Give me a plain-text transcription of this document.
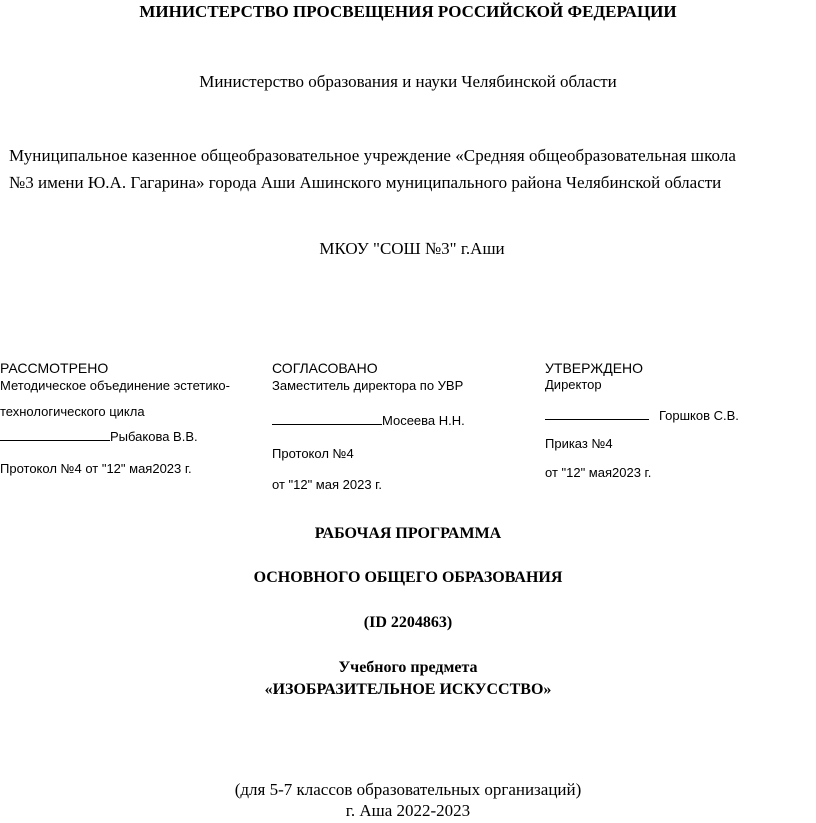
МИНИСТЕРСТВО ПРОСВЕЩЕНИЯ РОССИЙСКОЙ ФЕДЕРАЦИИ
Министерство образования и науки Челябинской области
Муниципальное казенное общеобразовательное учреждение «Средняя общеобразовательная школа
№3 имени Ю.А. Гагарина» города Аши Ашинского муниципального района Челябинской области
МКОУ "СОШ №3" г.Аши
РАССМОТРЕНО
Методическое объединение эстетико-
технологического цикла
Рыбакова В.В.
Протокол №4 от "12" мая2023 г.
СОГЛАСОВАНО
Заместитель директора по УВР
Мосеева Н.Н.
Протокол №4
от "12" мая 2023 г.
УТВЕРЖДЕНО
Директор
Горшков С.В.
Приказ №4
от "12" мая2023 г.
РАБОЧАЯ ПРОГРАММА
ОСНОВНОГО ОБЩЕГО ОБРАЗОВАНИЯ
(ID 2204863)
Учебного предмета
«ИЗОБРАЗИТЕЛЬНОЕ ИСКУССТВО»
(для 5-7 классов образовательных организаций)
г. Аша 2022-2023
